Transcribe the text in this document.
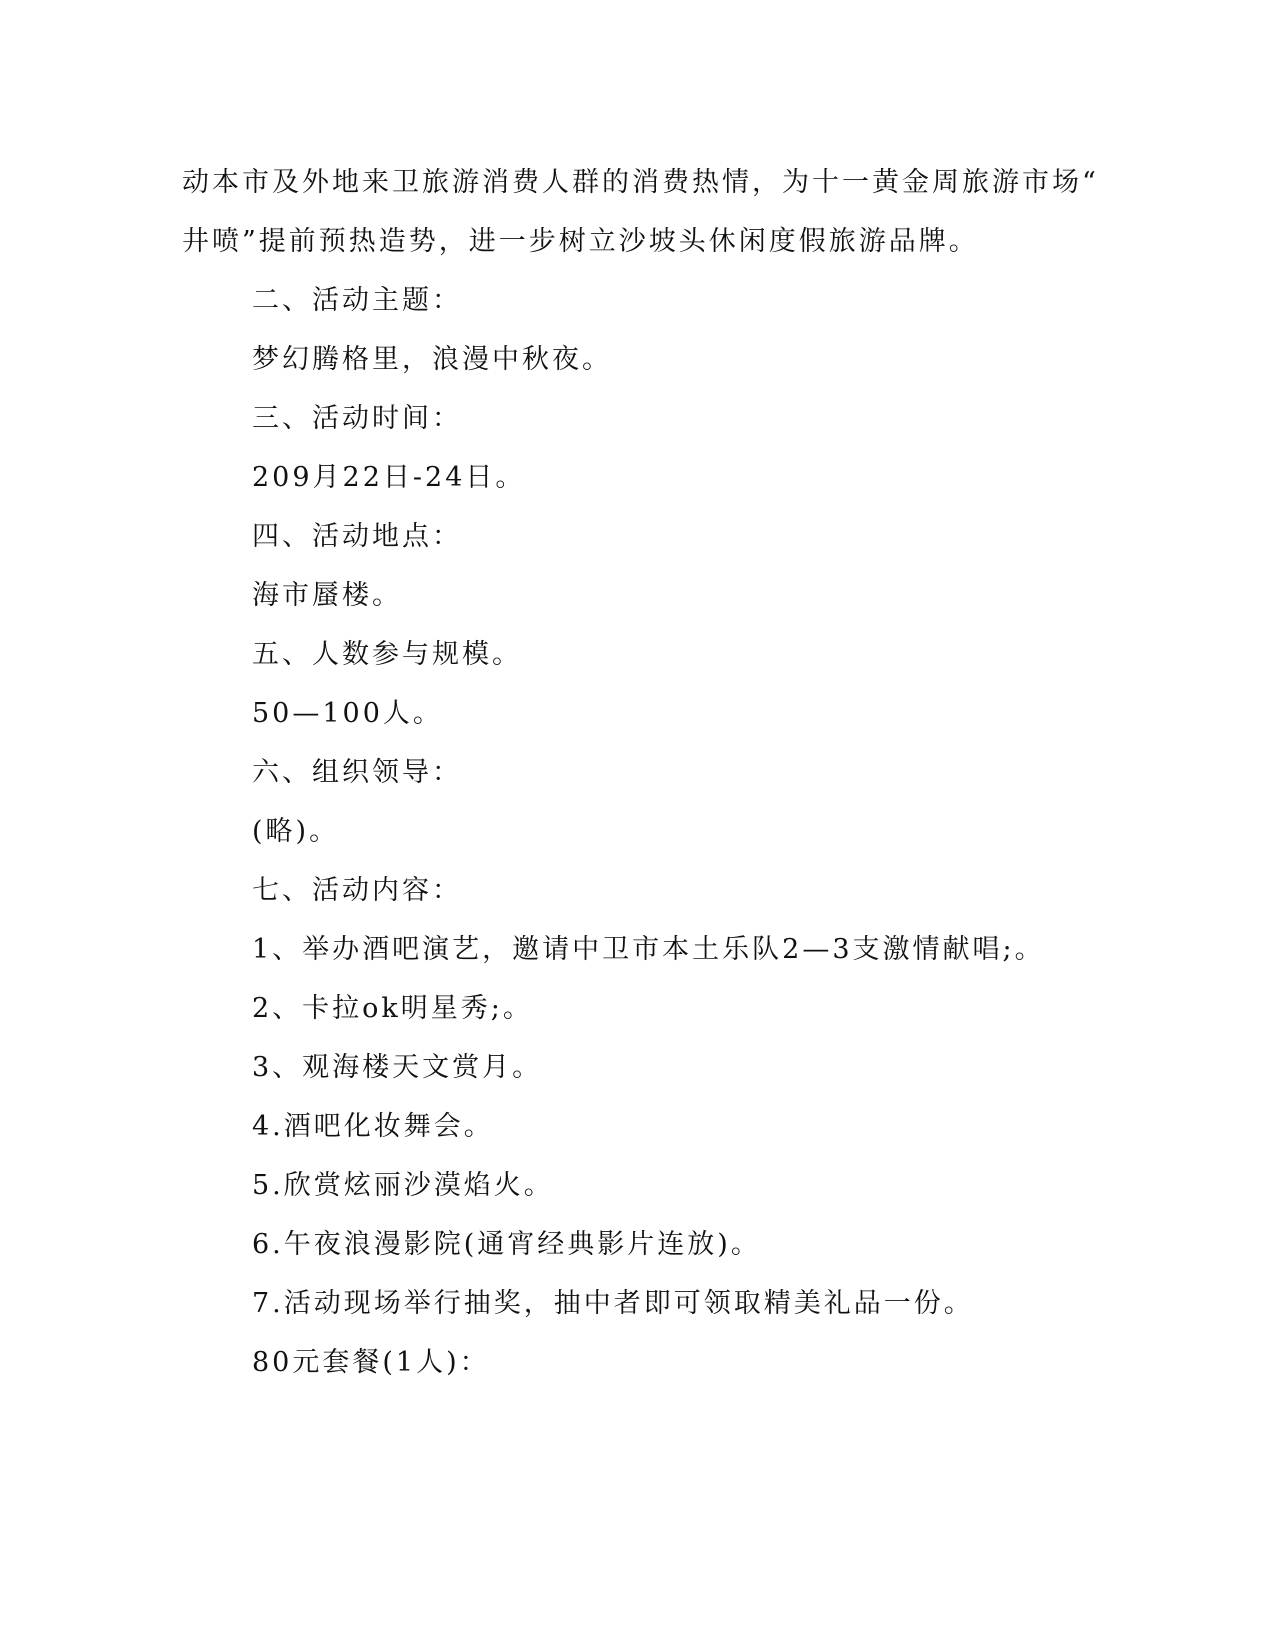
动本市及外地来卫旅游消费人群的消费热情，为十一黄金周旅游市场“
井喷”提前预热造势，进一步树立沙坡头休闲度假旅游品牌。
二、活动主题：
梦幻腾格里，浪漫中秋夜。
三、活动时间：
209月22日-24日。
四、活动地点：
海市蜃楼。
五、人数参与规模。
50—100人。
六、组织领导：
(略)。
七、活动内容：
1、举办酒吧演艺，邀请中卫市本土乐队2—3支激情献唱;。
2、卡拉ok明星秀;。
3、观海楼天文赏月。
4.酒吧化妆舞会。
5.欣赏炫丽沙漠焰火。
6.午夜浪漫影院(通宵经典影片连放)。
7.活动现场举行抽奖，抽中者即可领取精美礼品一份。
80元套餐(1人)：
